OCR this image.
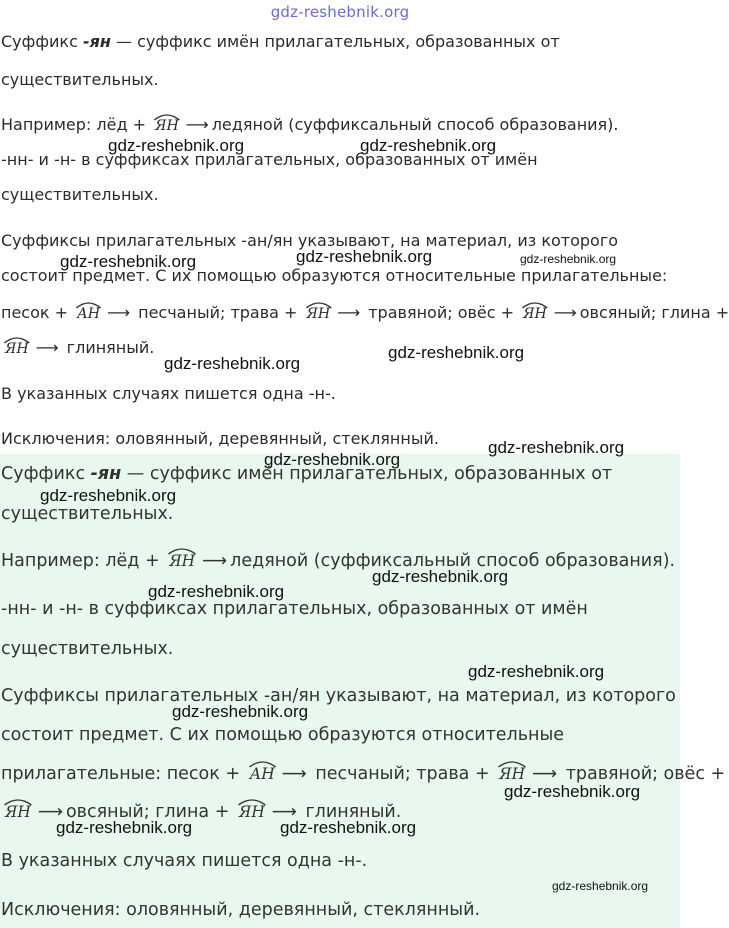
gdz-reshebnik.org

Суффикс -ян — суффикс имён прилагательных, образованных от

существительных.

Например: лёд +
ЯН ⟶ ледяной (суффиксальный способ образования).

-нн- и -н- в суффиксах прилагательных, образованных от имён

существительных.

Суффиксы прилагательных -ан/ян указывают, на материал, из которого

состоит предмет. С их помощью образуются относительные прилагательные:

песок +
АН ⟶ песчаный; трава +
ЯН ⟶ травяной; овёс +
ЯН ⟶ овсяный; глина +

ЯН ⟶ глиняный.

В указанных случаях пишется одна -н-.

Исключения: оловянный, деревянный, стеклянный.

Суффикс -ян — суффикс имён прилагательных, образованных от

существительных.

Например: лёд +
ЯН ⟶ ледяной (суффиксальный способ образования).

-нн- и -н- в суффиксах прилагательных, образованных от имён

существительных.

Суффиксы прилагательных -ан/ян указывают, на материал, из которого

состоит предмет. С их помощью образуются относительные

прилагательные: песок +
АН ⟶ песчаный; трава +
ЯН ⟶ травяной; овёс +

ЯН ⟶ овсяный; глина +
ЯН ⟶ глиняный.

В указанных случаях пишется одна -н-.

Исключения: оловянный, деревянный, стеклянный.

gdz-reshebnik.org	gdz-reshebnik.org
gdz-reshebnik.org	gdz-reshebnik.org	gdz-reshebnik.org
gdz-reshebnik.org
gdz-reshebnik.org
gdz-reshebnik.org
gdz-reshebnik.org
gdz-reshebnik.org
gdz-reshebnik.org
gdz-reshebnik.org
gdz-reshebnik.org
gdz-reshebnik.org
gdz-reshebnik.org
gdz-reshebnik.org	gdz-reshebnik.org
gdz-reshebnik.org
